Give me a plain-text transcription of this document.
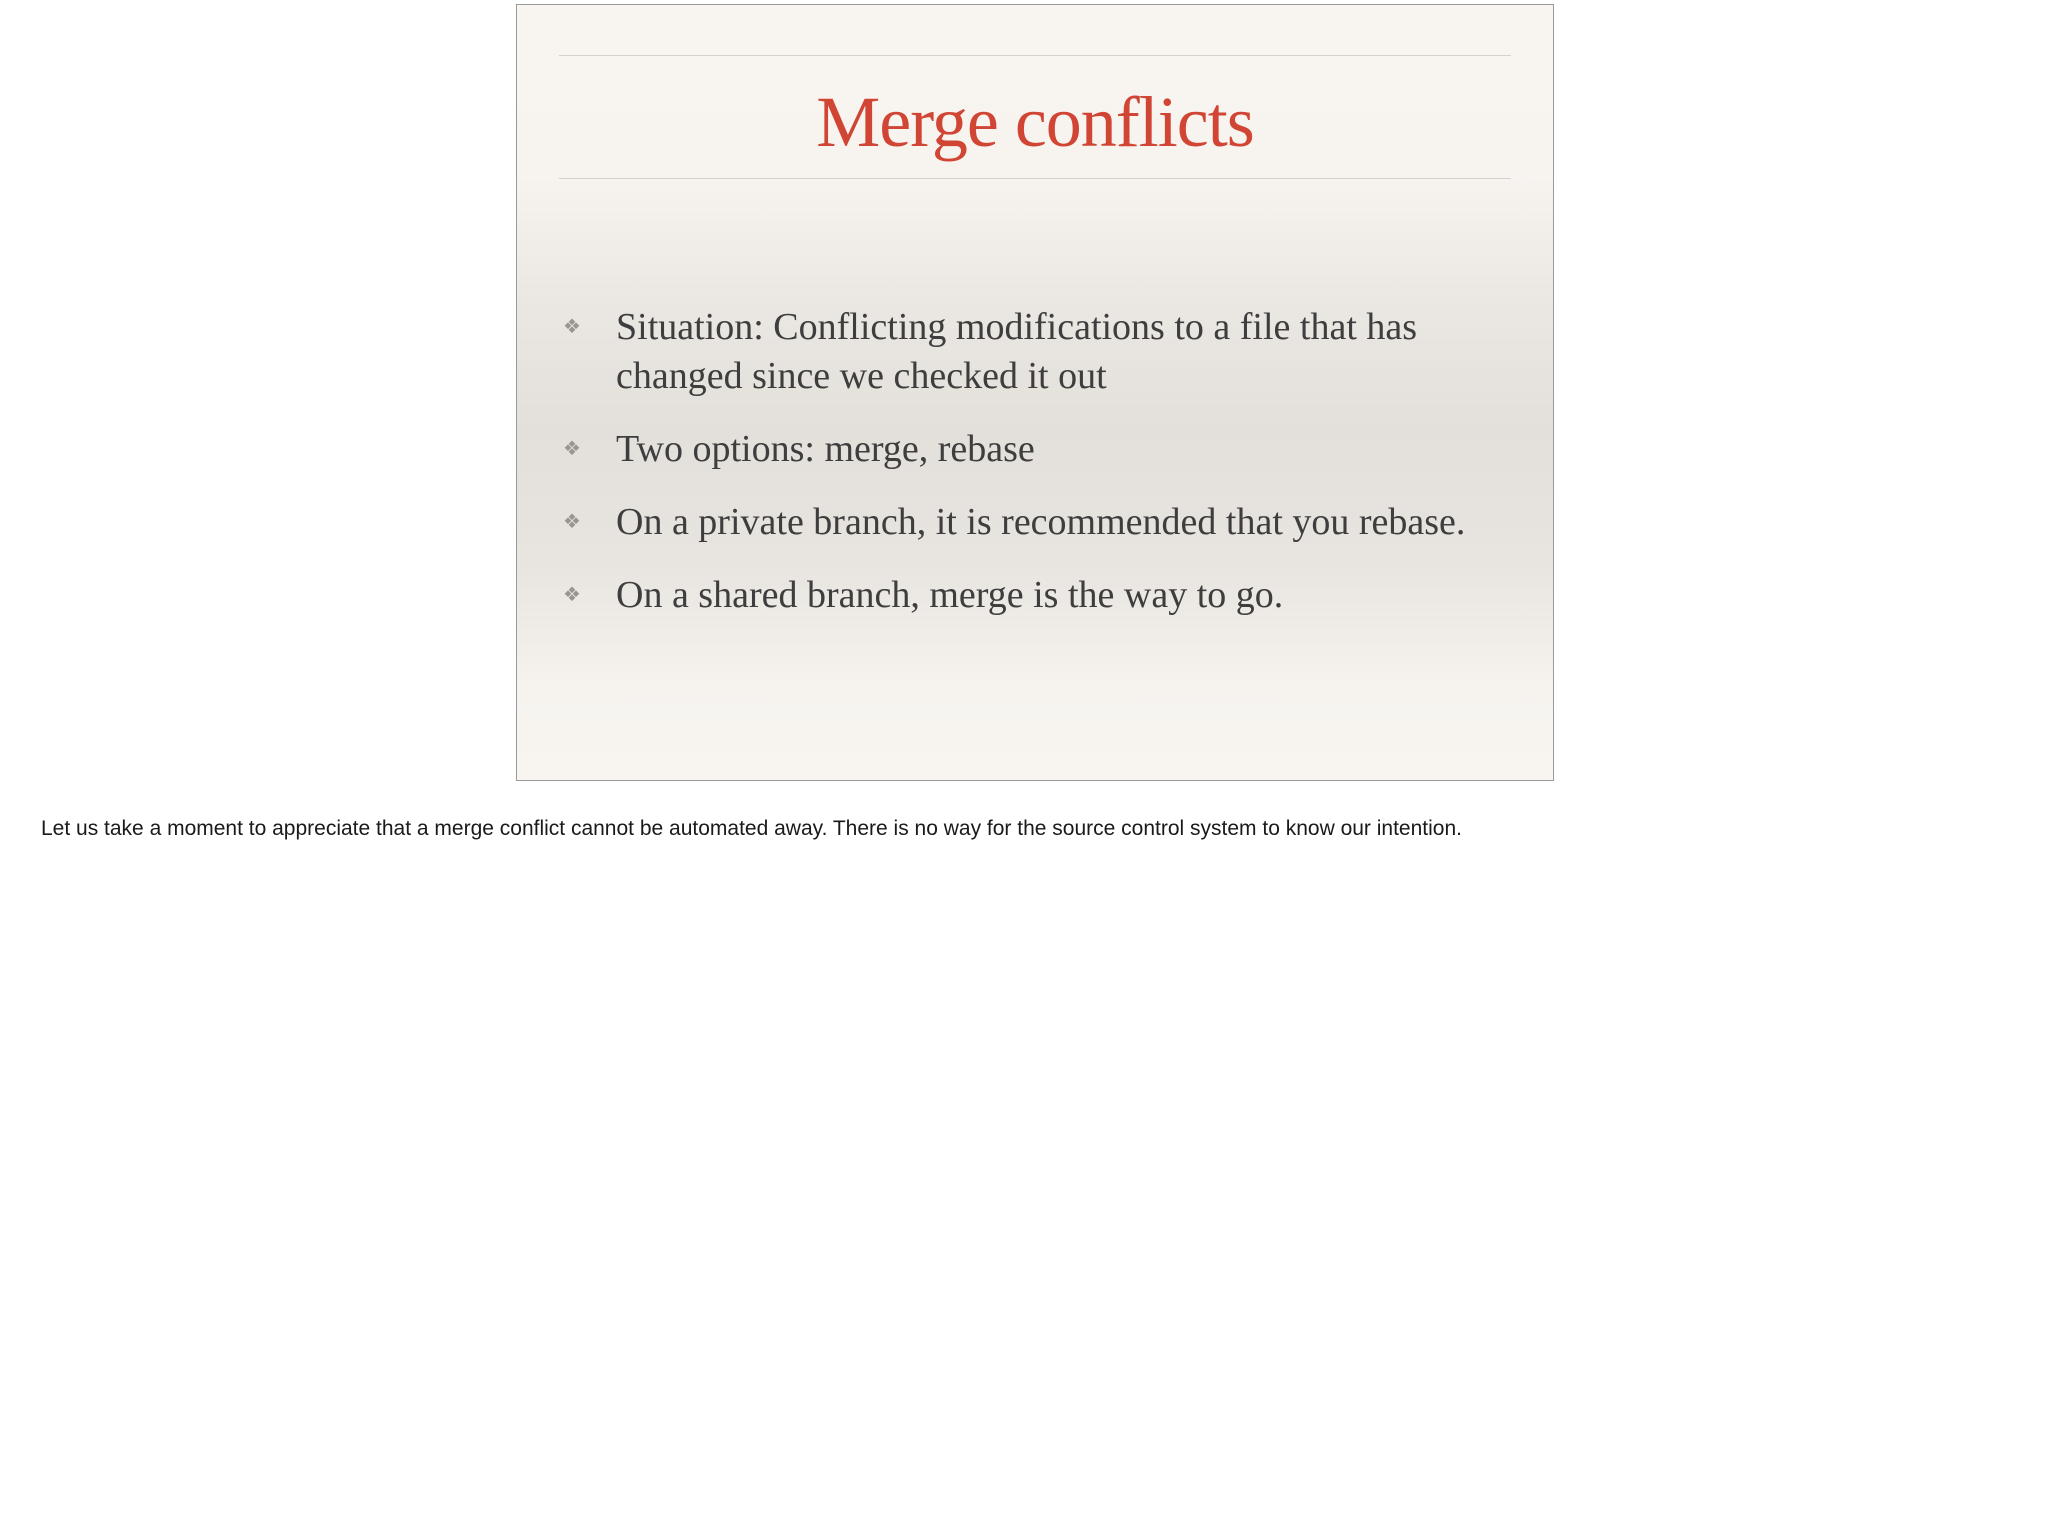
Merge conflicts
❖ Situation: Conflicting modifications to a file that has changed since we checked it out
❖ Two options: merge, rebase
❖ On a private branch, it is recommended that you rebase.
❖ On a shared branch, merge is the way to go.

Let us take a moment to appreciate that a merge conflict cannot be automated away. There is no way for the source control system to know our intention.
